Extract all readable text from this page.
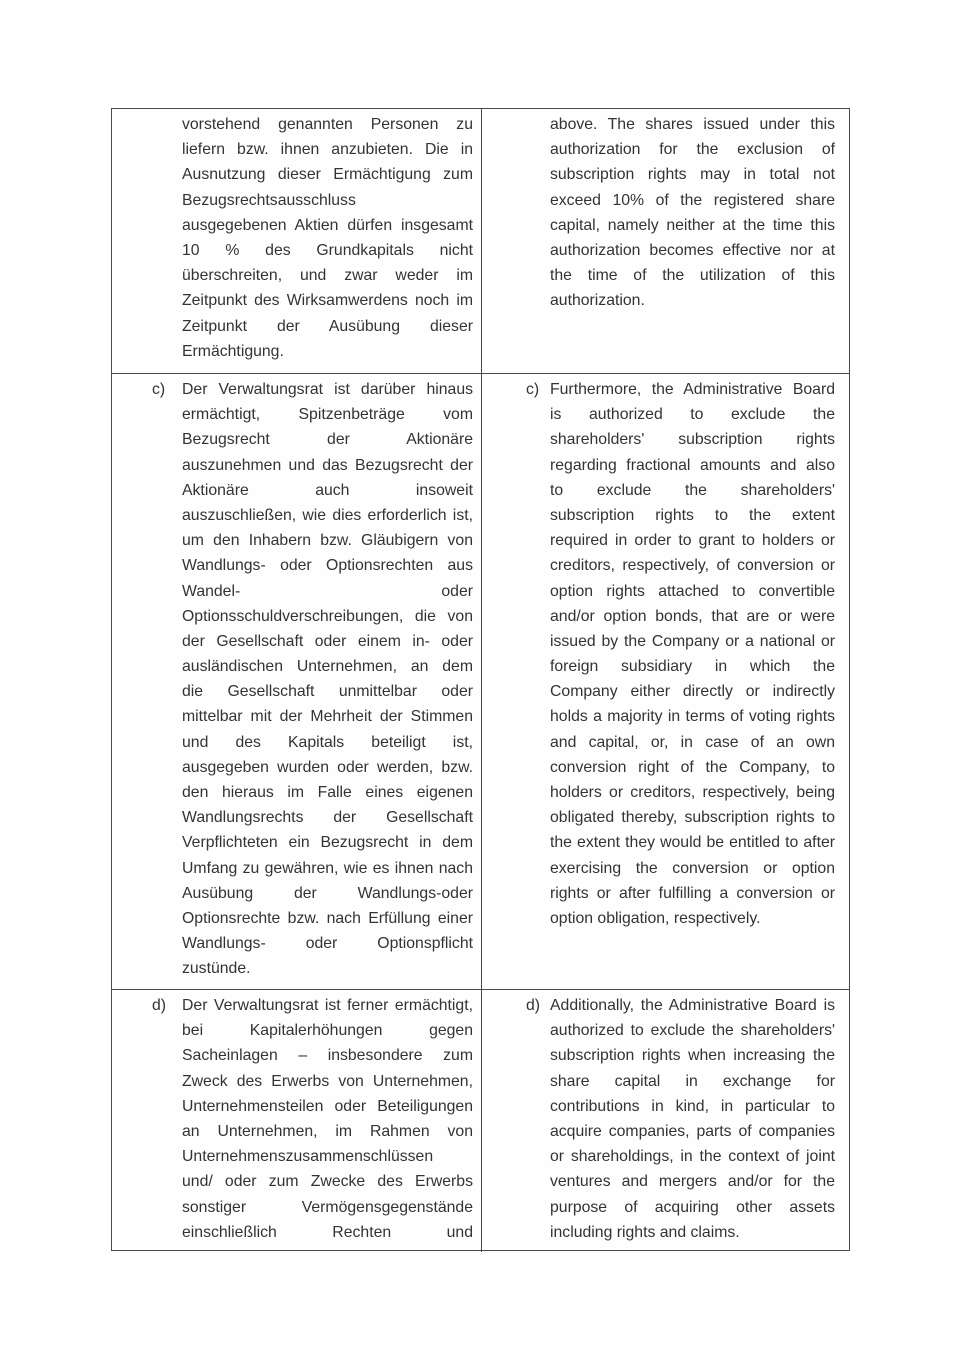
vorstehend genannten Personen zu
liefern bzw. ihnen anzubieten. Die in
Ausnutzung dieser Ermächtigung zum
Bezugsrechtsausschluss
ausgegebenen Aktien dürfen insgesamt
10 % des Grundkapitals nicht
überschreiten, und zwar weder im
Zeitpunkt des Wirksamwerdens noch im
Zeitpunkt der Ausübung dieser
Ermächtigung.
above. The shares issued under this
authorization for the exclusion of
subscription rights may in total not
exceed 10% of the registered share
capital, namely neither at the time this
authorization becomes effective nor at
the time of the utilization of this
authorization.
c) Der Verwaltungsrat ist darüber hinaus
ermächtigt, Spitzenbeträge vom
Bezugsrecht der Aktionäre
auszunehmen und das Bezugsrecht der
Aktionäre auch insoweit
auszuschließen, wie dies erforderlich ist,
um den Inhabern bzw. Gläubigern von
Wandlungs- oder Optionsrechten aus
Wandel- oder
Optionsschuldverschreibungen, die von
der Gesellschaft oder einem in- oder
ausländischen Unternehmen, an dem
die Gesellschaft unmittelbar oder
mittelbar mit der Mehrheit der Stimmen
und des Kapitals beteiligt ist,
ausgegeben wurden oder werden, bzw.
den hieraus im Falle eines eigenen
Wandlungsrechts der Gesellschaft
Verpflichteten ein Bezugsrecht in dem
Umfang zu gewähren, wie es ihnen nach
Ausübung der Wandlungs-oder
Optionsrechte bzw. nach Erfüllung einer
Wandlungs- oder Optionspflicht
zustünde.
c) Furthermore, the Administrative Board
is authorized to exclude the
shareholders' subscription rights
regarding fractional amounts and also
to exclude the shareholders'
subscription rights to the extent
required in order to grant to holders or
creditors, respectively, of conversion or
option rights attached to convertible
and/or option bonds, that are or were
issued by the Company or a national or
foreign subsidiary in which the
Company either directly or indirectly
holds a majority in terms of voting rights
and capital, or, in case of an own
conversion right of the Company, to
holders or creditors, respectively, being
obligated thereby, subscription rights to
the extent they would be entitled to after
exercising the conversion or option
rights or after fulfilling a conversion or
option obligation, respectively.
d) Der Verwaltungsrat ist ferner ermächtigt,
bei Kapitalerhöhungen gegen
Sacheinlagen – insbesondere zum
Zweck des Erwerbs von Unternehmen,
Unternehmensteilen oder Beteiligungen
an Unternehmen, im Rahmen von
Unternehmenszusammenschlüssen
und/ oder zum Zwecke des Erwerbs
sonstiger Vermögensgegenstände
einschließlich Rechten und
d) Additionally, the Administrative Board is
authorized to exclude the shareholders'
subscription rights when increasing the
share capital in exchange for
contributions in kind, in particular to
acquire companies, parts of companies
or shareholdings, in the context of joint
ventures and mergers and/or for the
purpose of acquiring other assets
including rights and claims.
